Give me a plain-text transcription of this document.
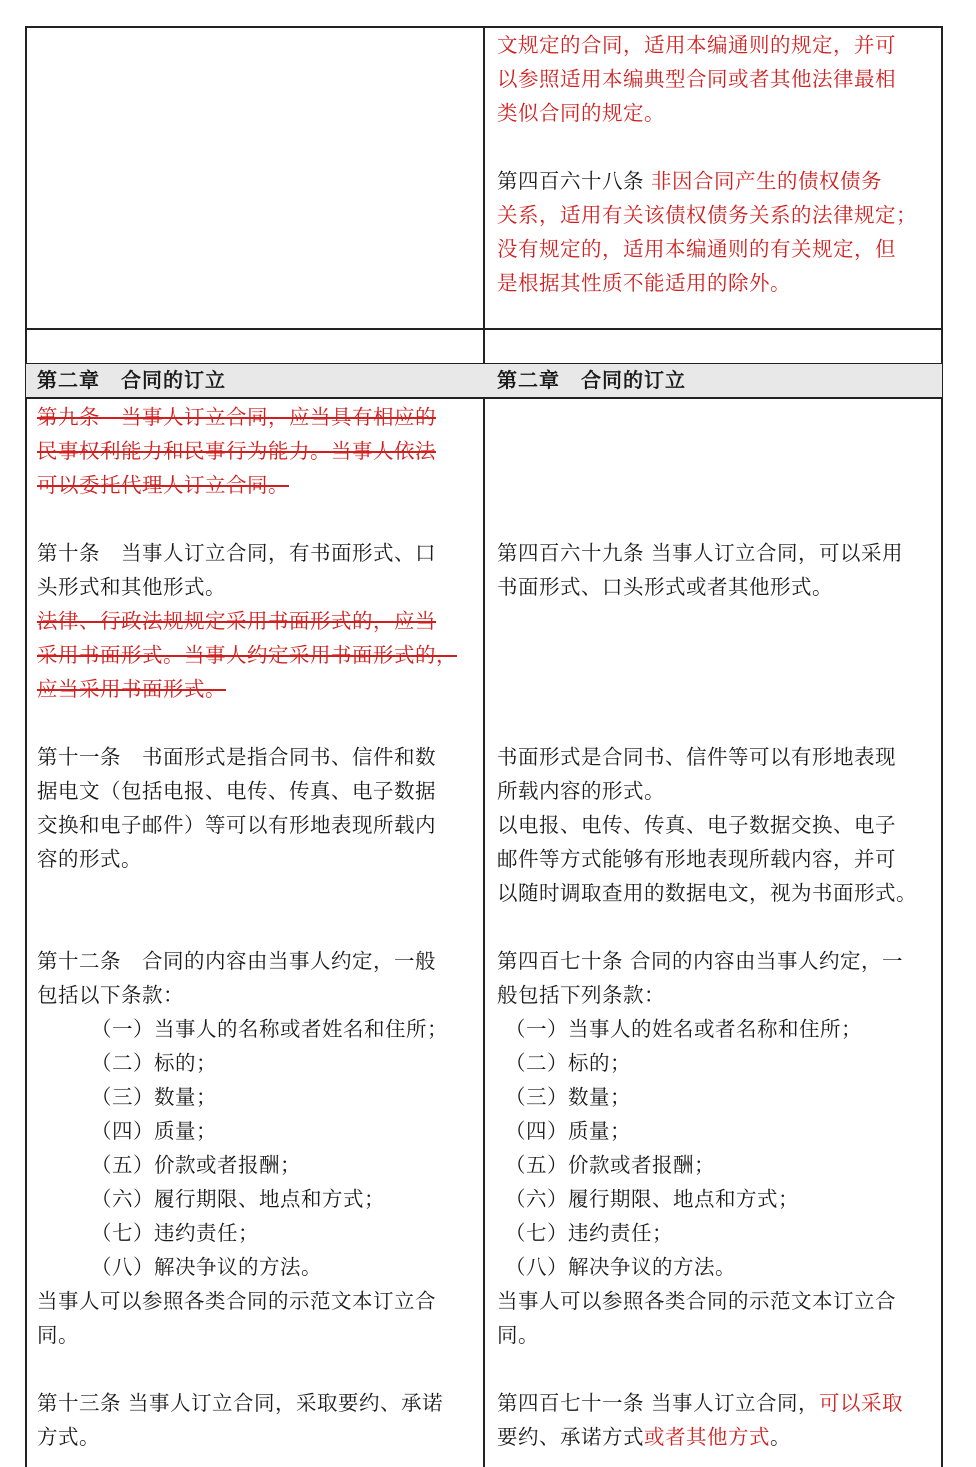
第二章　合同的订立	第二章　合同的订立

文规定的合同，适用本编通则的规定，并可

以参照适用本编典型合同或者其他法律最相

类似合同的规定。

第四百六十八条 非因合同产生的债权债务

关系，适用有关该债权债务关系的法律规定；

没有规定的，适用本编通则的有关规定，但

是根据其性质不能适用的除外。

第九条　当事人订立合同，应当具有相应的

民事权利能力和民事行为能力。当事人依法

可以委托代理人订立合同。

第十条　当事人订立合同，有书面形式、口

头形式和其他形式。

法律、行政法规规定采用书面形式的，应当

采用书面形式。当事人约定采用书面形式的，

应当采用书面形式。

第十一条　书面形式是指合同书、信件和数

据电文（包括电报、电传、传真、电子数据

交换和电子邮件）等可以有形地表现所载内

容的形式。

第十二条　合同的内容由当事人约定，一般

包括以下条款：

（一）当事人的名称或者姓名和住所；

（二）标的；

（三）数量；

（四）质量；

（五）价款或者报酬；

（六）履行期限、地点和方式；

（七）违约责任；

（八）解决争议的方法。

当事人可以参照各类合同的示范文本订立合

同。

第十三条 当事人订立合同，采取要约、承诺

方式。

第四百六十九条 当事人订立合同，可以采用

书面形式、口头形式或者其他形式。

书面形式是合同书、信件等可以有形地表现

所载内容的形式。

以电报、电传、传真、电子数据交换、电子

邮件等方式能够有形地表现所载内容，并可

以随时调取查用的数据电文，视为书面形式。

第四百七十条 合同的内容由当事人约定，一

般包括下列条款：

（一）当事人的姓名或者名称和住所；

（二）标的；

（三）数量；

（四）质量；

（五）价款或者报酬；

（六）履行期限、地点和方式；

（七）违约责任；

（八）解决争议的方法。

当事人可以参照各类合同的示范文本订立合

同。

第四百七十一条 当事人订立合同，可以采取

要约、承诺方式或者其他方式。
